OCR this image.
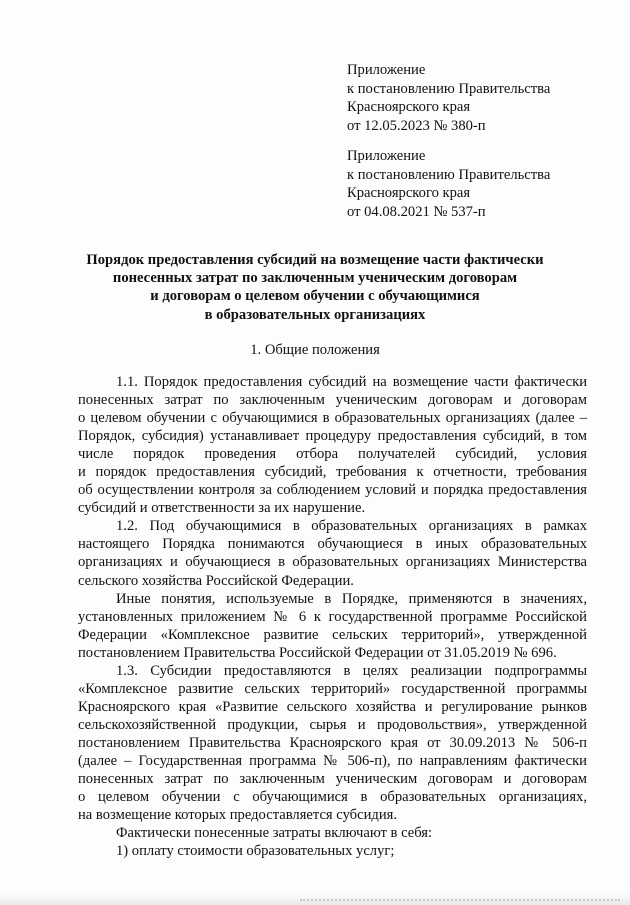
Приложение
к постановлению Правительства
Красноярского края
от 12.05.2023 № 380-п
Приложение
к постановлению Правительства
Красноярского края
от 04.08.2021 № 537-п
Порядок предоставления субсидий на возмещение части фактически
понесенных затрат по заключенным ученическим договорам
и договорам о целевом обучении с обучающимися
в образовательных организациях
1. Общие положения
1.1. Порядок предоставления субсидий на возмещение части фактически
понесенных затрат по заключенным ученическим договорам и договорам
о целевом обучении с обучающимися в образовательных организациях (далее –
Порядок, субсидия) устанавливает процедуру предоставления субсидий, в том
числе порядок проведения отбора получателей субсидий, условия
и порядок предоставления субсидий, требования к отчетности, требования
об осуществлении контроля за соблюдением условий и порядка предоставления
субсидий и ответственности за их нарушение.
1.2. Под обучающимися в образовательных организациях в рамках
настоящего Порядка понимаются обучающиеся в иных образовательных
организациях и обучающиеся в образовательных организациях Министерства
сельского хозяйства Российской Федерации.
Иные понятия, используемые в Порядке, применяются в значениях,
установленных приложением № 6 к государственной программе Российской
Федерации «Комплексное развитие сельских территорий», утвержденной
постановлением Правительства Российской Федерации от 31.05.2019 № 696.
1.3. Субсидии предоставляются в целях реализации подпрограммы
«Комплексное развитие сельских территорий» государственной программы
Красноярского края «Развитие сельского хозяйства и регулирование рынков
сельскохозяйственной продукции, сырья и продовольствия», утвержденной
постановлением Правительства Красноярского края от 30.09.2013 № 506-п
(далее – Государственная программа № 506-п), по направлениям фактически
понесенных затрат по заключенным ученическим договорам и договорам
о целевом обучении с обучающимися в образовательных организациях,
на возмещение которых предоставляется субсидия.
Фактически понесенные затраты включают в себя:
1) оплату стоимости образовательных услуг;
